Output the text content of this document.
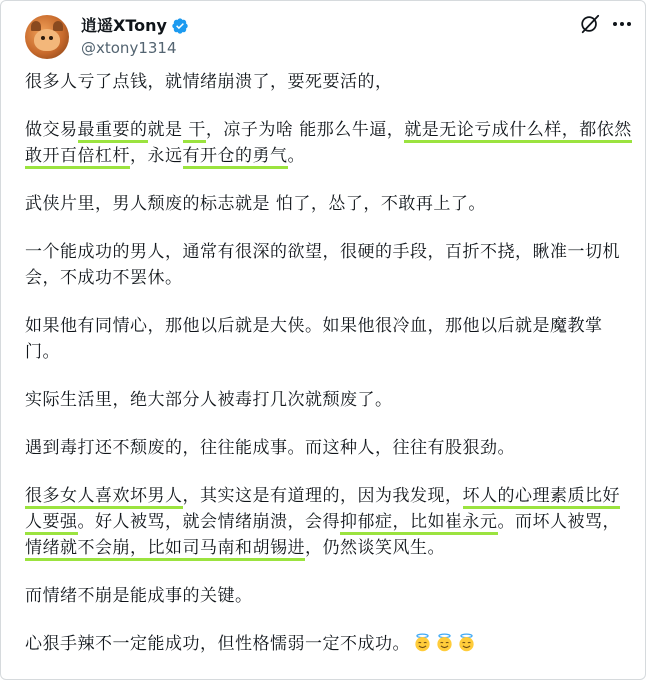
逍遥XTony
@xtony1314

很多人亏了点钱，就情绪崩溃了，要死要活的，

做交易最重要的就是 干，凉子为啥 能那么牛逼，就是无论亏成什么样，都依然敢开百倍杠杆，永远有开仓的勇气。

武侠片里，男人颓废的标志就是 怕了，怂了，不敢再上了。

一个能成功的男人，通常有很深的欲望，很硬的手段，百折不挠，瞅准一切机会，不成功不罢休。

如果他有同情心，那他以后就是大侠。如果他很冷血，那他以后就是魔教掌门。

实际生活里，绝大部分人被毒打几次就颓废了。

遇到毒打还不颓废的，往往能成事。而这种人，往往有股狠劲。

很多女人喜欢坏男人，其实这是有道理的，因为我发现，坏人的心理素质比好人要强。好人被骂，就会情绪崩溃，会得抑郁症，比如崔永元。而坏人被骂，情绪就不会崩，比如司马南和胡锡进，仍然谈笑风生。

而情绪不崩是能成事的关键。

心狠手辣不一定能成功，但性格懦弱一定不成功。
